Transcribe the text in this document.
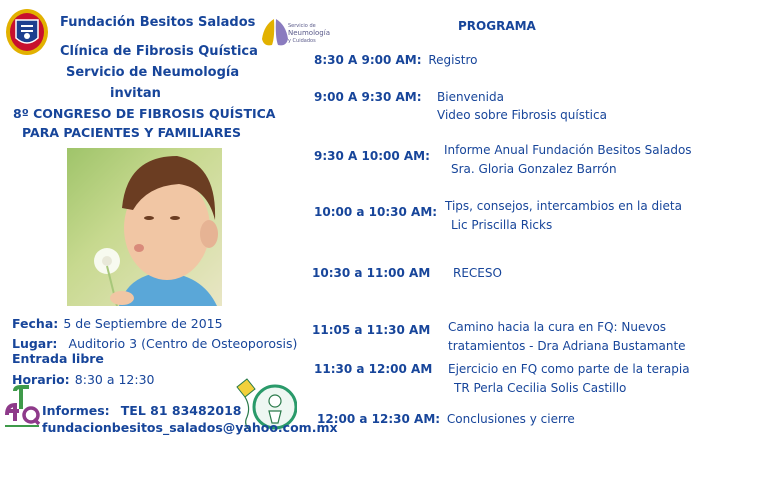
Fundación Besitos Salados
Clínica de Fibrosis Quística
Servicio de Neumología
invitan
8º CONGRESO DE FIBROSIS QUÍSTICA
PARA PACIENTES Y FAMILIARES
Servicio de
Neumología
y Cuidados
Fecha: 5 de Septiembre de 2015
Lugar: Auditorio 3 (Centro de Osteoporosis)
Entrada libre
Horario: 8:30 a 12:30
Informes: TEL 81 83482018
fundacionbesitos_salados@yahoo.com.mx
PROGRAMA
8:30 A 9:00 AM: Registro
9:00 A 9:30 AM: Bienvenida
Video sobre Fibrosis quística
9:30 A 10:00 AM: Informe Anual Fundación Besitos Salados
Sra. Gloria Gonzalez Barrón
10:00 a 10:30 AM: Tips, consejos, intercambios en la dieta
Lic Priscilla Ricks
10:30 a 11:00 AM RECESO
11:05 a 11:30 AM Camino hacia la cura en FQ: Nuevos
tratamientos - Dra Adriana Bustamante
11:30 a 12:00 AM Ejercicio en FQ como parte de la terapia
TR Perla Cecilia Solis Castillo
12:00 a 12:30 AM: Conclusiones y cierre
